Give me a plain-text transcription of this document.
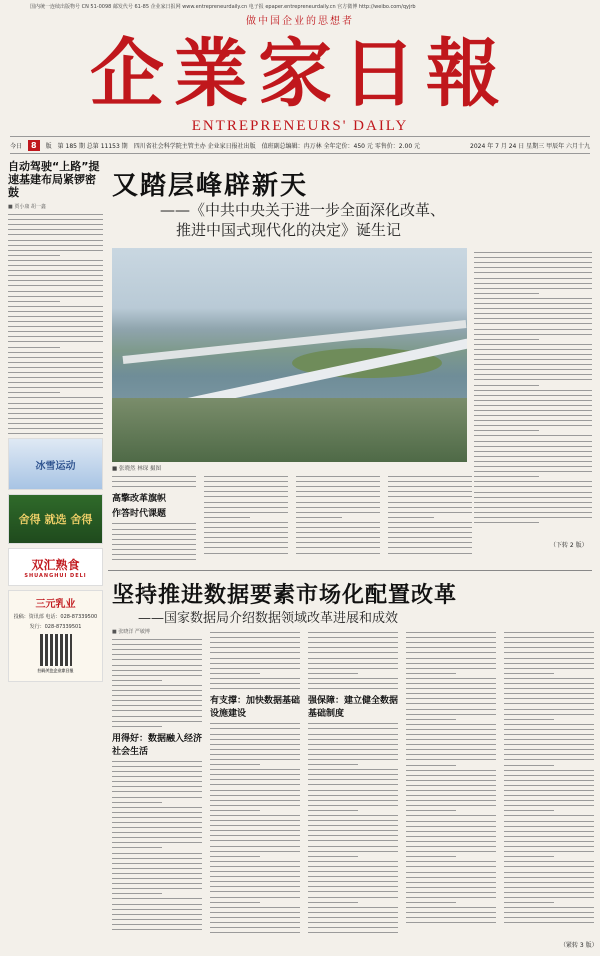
国内统一连续出版物号 CN 51-0098 邮发代号 61-85 企业家日报网 www.entrepreneurdaily.cn 电子报 epaper.entrepreneurdaily.cn 官方微博 http://weibo.com/qyjrb
做中国企业的思想者
企業家日報
ENTREPRENEURS' DAILY
今日	8	版 第 185 期 总第 11153 期 四川省社会科学院主管主办 企业家日报社出版 值班副总编辑：冉万林 全年定价：450 元 零售价：2.00 元	2024 年 7 月 24 日 星期三 甲辰年 六月十九
自动驾驶“上路”提速基建布局紧锣密鼓
■ 贾小康 胡一鑫
冰雪运动
舍得 就选 舍得
双汇熟食
SHUANGHUI DELI
三元乳业
投稿：资讯部 电话：028-87339500
发行：028-87339501
扫码关注企业家日报
又踏层峰辟新天
——《中共中央关于进一步全面深化改革、
推进中国式现代化的决定》诞生记
■ 张晓然 林琛 摄图
高擎改革旗帜
作答时代课题
（下转 2 版）
坚持推进数据要素市场化配置改革
——国家数据局介绍数据领域改革进展和成效
■ 张晓洋 严敏博
用得好：数据融入经济社会生活
有支撑：加快数据基础设施建设
强保障：建立健全数据基础制度
（紧转 3 版）
